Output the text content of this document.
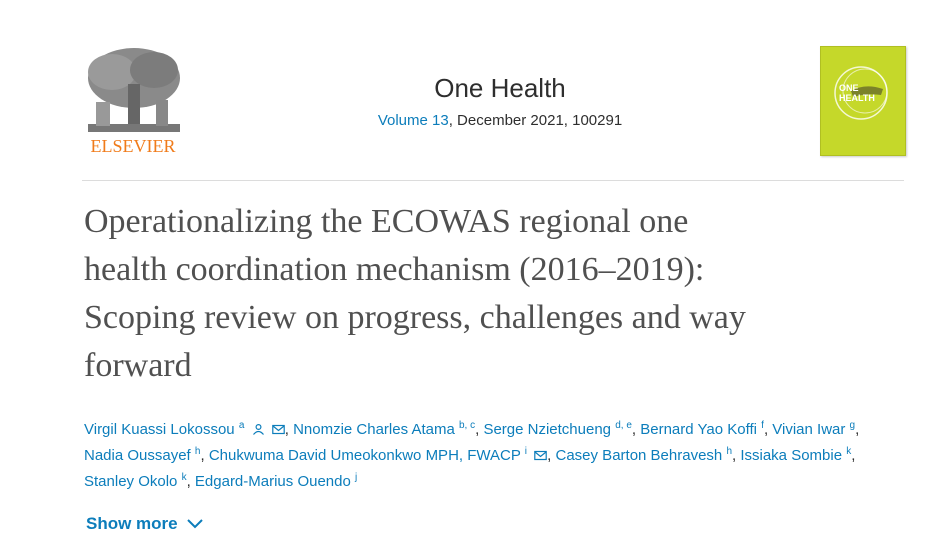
ELSEVIER
One Health
Volume 13, December 2021, 100291
ONE
HEALTH
Operationalizing the ECOWAS regional one
health coordination mechanism (2016–2019):
Scoping review on progress, challenges and way
forward
Virgil Kuassi Lokossou $^a$	, Nnomzie Charles Atama $^{b, c}$, Serge Nzietchueng $^{d, e}$, Bernard Yao Koffi $^f$, Vivian Iwar $^g$,
Nadia Oussayef $^h$, Chukwuma David Umeokonkwo MPH, FWACP $^i$ , Casey Barton Behravesh $^h$, Issiaka Sombie $^k$,
Stanley Okolo $^k$, Edgard-Marius Ouendo $^j$
Show more
